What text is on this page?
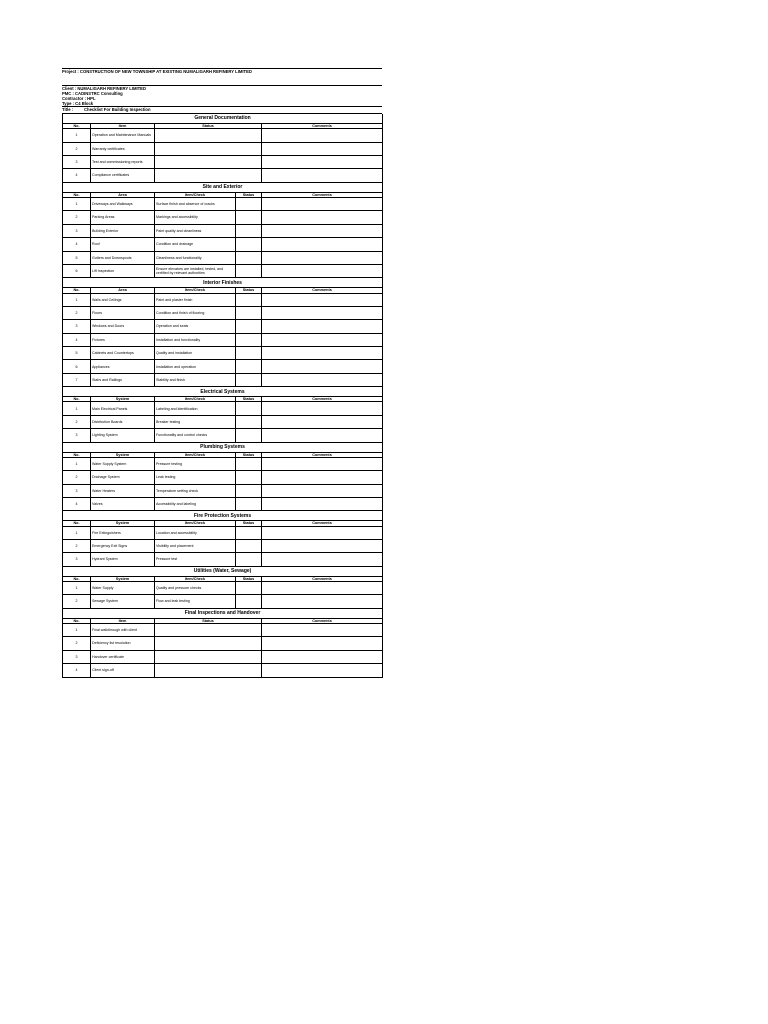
Project : CONSTRUCTION OF NEW TOWNSHIP AT EXISTING NUMALIGARH REFINERY LIMITED
Client : NUMALIGARH REFINERY LIMITED
PMC : CADINSTRC Consulting
Contractor : HPL
Type : C4 Block
Title :	Checklist For Building Inspection
General Documentation			
No.	Item	Status	Comments
1	Operation and Maintenance Manuals		
2	Warranty certificates		
3	Test and commissioning reports		
4	Compliance certificates		
Site and Exterior				
No.	Area	Item/Check	Status	Comments
1	Driveways and Walkways	Surface finish and absence of cracks		
2	Parking Areas	Markings and accessibility		
3	Building Exterior	Paint quality and cleanliness		
4	Roof	Condition and drainage		
5	Gutters and Downspouts	Cleanliness and functionality		
6	Lift Inspection	Ensure elevators are installed, tested, and certified by relevant authorities		
Interior Finishes				
No.	Area	Item/Check	Status	Comments
1	Walls and Ceilings	Paint and plaster finish		
2	Floors	Condition and finish of flooring		
3	Windows and Doors	Operation and seals		
4	Fixtures	Installation and functionality		
5	Cabinets and Countertops	Quality and installation		
6	Appliances	Installation and operation		
7	Stairs and Railings	Stability and finish		
Electrical Systems				
No.	System	Item/Check	Status	Comments
1	Main Electrical Panels	Labeling and identification		
2	Distribution Boards	Breaker testing		
3	Lighting System	Functionality and control checks		
Plumbing Systems				
No.	System	Item/Check	Status	Comments
1	Water Supply System	Pressure testing		
2	Drainage System	Leak testing		
3	Water Heaters	Temperature setting check		
4	Valves	Accessibility and labeling		
Fire Protection Systems				
No.	System	Item/Check	Status	Comments
1	Fire Extinguishers	Location and accessibility		
2	Emergency Exit Signs	Visibility and placement		
3	Hydrant System	Pressure test		
Utilities (Water, Sewage)				
No.	System	Item/Check	Status	Comments
1	Water Supply	Quality and pressure checks		
2	Sewage System	Flow and leak testing		
Final Inspections and Handover			
No.	Item	Status	Comments
1	Final walkthrough with client		
2	Deficiency list resolution		
3	Handover certificate		
4	Client sign-off		
